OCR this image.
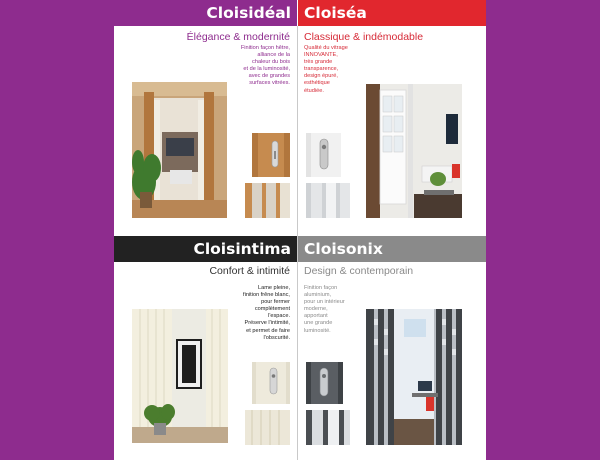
Cloisidéal
Élégance & modernité
Finition façon hêtre,
alliance de la
chaleur du bois
et de la luminosité,
avec de grandes
surfaces vitrées.
Cloiséa
Classique & indémodable
Qualité du vitrage
INNOVANTE,
très grande
transparence,
design épuré,
esthétique
étudiée.
Cloisintima
Confort & intimité
Lame pleine,
finition frêne blanc,
pour fermer
complètement
l'espace.
Préserve l'intimité,
et permet de faire
l'obscurité.
Cloisonix
Design & contemporain
Finition façon
aluminium,
pour un intérieur
moderne,
apportant
une grande
luminosité.
